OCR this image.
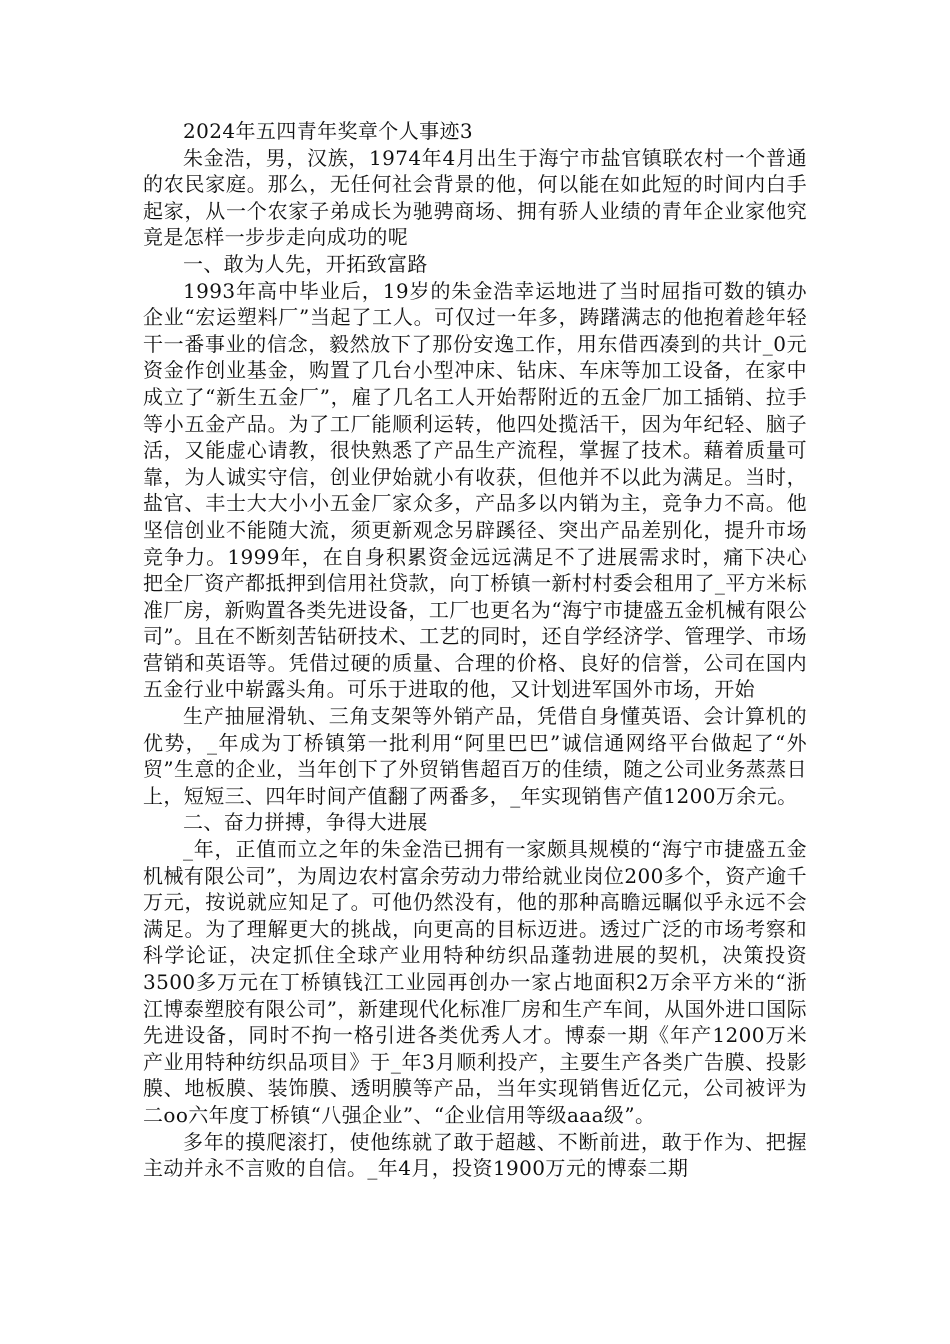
2024年五四青年奖章个人事迹3

朱金浩，男，汉族，1974年4月出生于海宁市盐官镇联农村一个普通的农民家庭。那么，无任何社会背景的他，何以能在如此短的时间内白手起家，从一个农家子弟成长为驰骋商场、拥有骄人业绩的青年企业家他究竟是怎样一步步走向成功的呢

一、敢为人先，开拓致富路

1993年高中毕业后，19岁的朱金浩幸运地进了当时屈指可数的镇办企业“宏运塑料厂”当起了工人。可仅过一年多，踌躇满志的他抱着趁年轻干一番事业的信念，毅然放下了那份安逸工作，用东借西凑到的共计_0元资金作创业基金，购置了几台小型冲床、钻床、车床等加工设备，在家中成立了“新生五金厂”，雇了几名工人开始帮附近的五金厂加工插销、拉手等小五金产品。为了工厂能顺利运转，他四处揽活干，因为年纪轻、脑子活，又能虚心请教，很快熟悉了产品生产流程，掌握了技术。藉着质量可靠，为人诚实守信，创业伊始就小有收获，但他并不以此为满足。当时，盐官、丰士大大小小五金厂家众多，产品多以内销为主，竞争力不高。他坚信创业不能随大流，须更新观念另辟蹊径、突出产品差别化，提升市场竞争力。1999年，在自身积累资金远远满足不了进展需求时，痛下决心把全厂资产都抵押到信用社贷款，向丁桥镇一新村村委会租用了_平方米标准厂房，新购置各类先进设备，工厂也更名为“海宁市捷盛五金机械有限公司”。且在不断刻苦钻研技术、工艺的同时，还自学经济学、管理学、市场营销和英语等。凭借过硬的质量、合理的价格、良好的信誉，公司在国内五金行业中崭露头角。可乐于进取的他，又计划进军国外市场，开始

生产抽屉滑轨、三角支架等外销产品，凭借自身懂英语、会计算机的优势，_年成为丁桥镇第一批利用“阿里巴巴”诚信通网络平台做起了“外贸”生意的企业，当年创下了外贸销售超百万的佳绩，随之公司业务蒸蒸日上，短短三、四年时间产值翻了两番多，_年实现销售产值1200万余元。

二、奋力拼搏，争得大进展

_年，正值而立之年的朱金浩已拥有一家颇具规模的“海宁市捷盛五金机械有限公司”，为周边农村富余劳动力带给就业岗位200多个，资产逾千万元，按说就应知足了。可他仍然没有，他的那种高瞻远瞩似乎永远不会满足。为了理解更大的挑战，向更高的目标迈进。透过广泛的市场考察和科学论证，决定抓住全球产业用特种纺织品蓬勃进展的契机，决策投资3500多万元在丁桥镇钱江工业园再创办一家占地面积2万余平方米的“浙江博泰塑胶有限公司”，新建现代化标准厂房和生产车间，从国外进口国际先进设备，同时不拘一格引进各类优秀人才。博泰一期《年产1200万米产业用特种纺织品项目》于_年3月顺利投产，主要生产各类广告膜、投影膜、地板膜、装饰膜、透明膜等产品，当年实现销售近亿元，公司被评为二oo六年度丁桥镇“八强企业”、“企业信用等级aaa级”。

多年的摸爬滚打，使他练就了敢于超越、不断前进，敢于作为、把握主动并永不言败的自信。_年4月，投资1900万元的博泰二期
